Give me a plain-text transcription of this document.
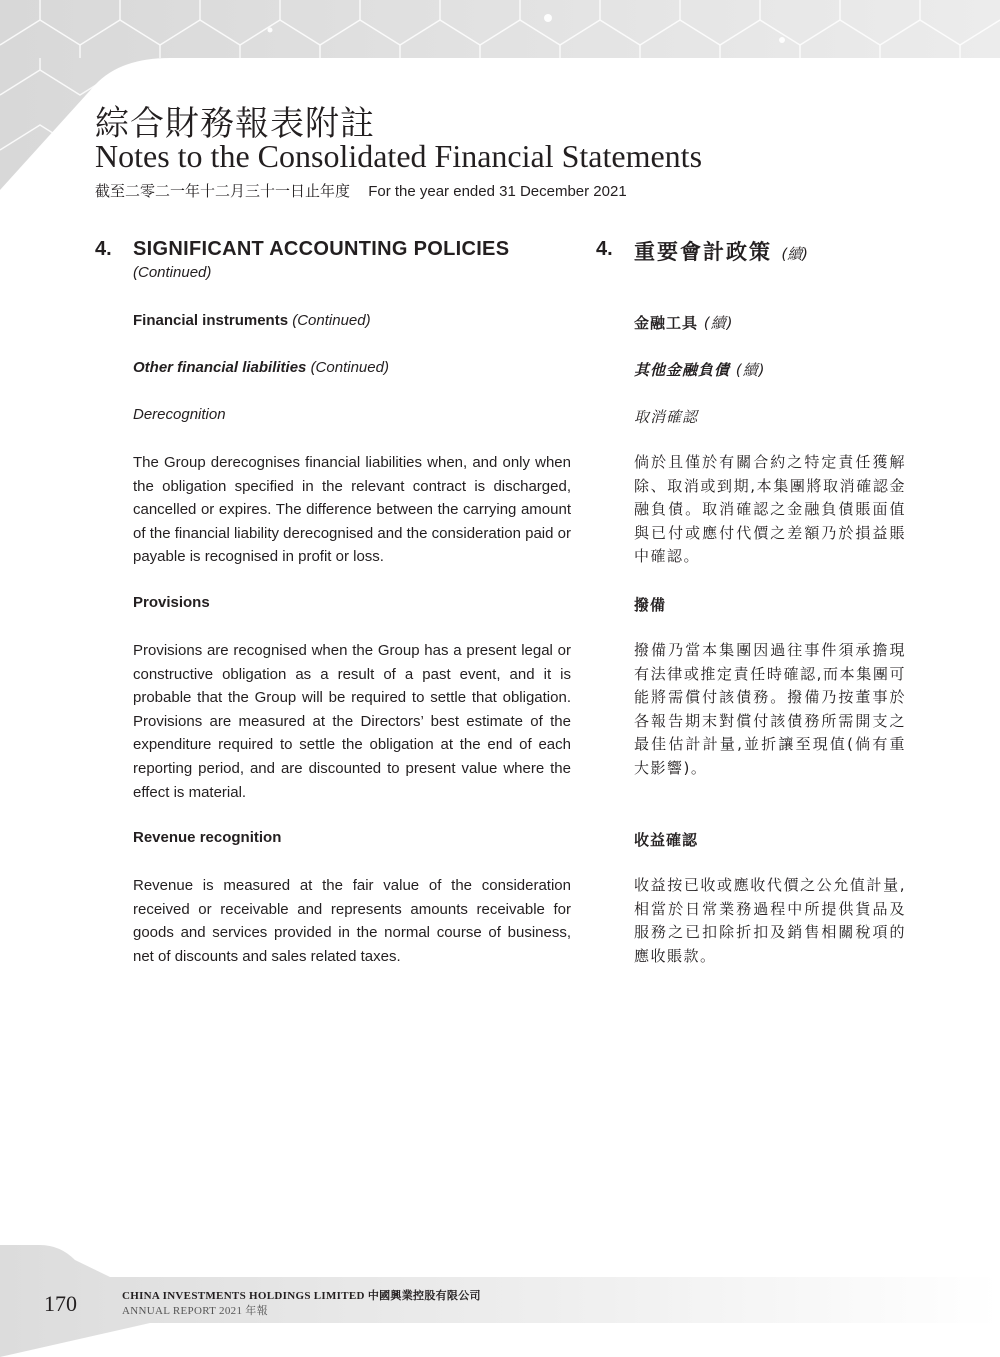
綜合財務報表附註
Notes to the Consolidated Financial Statements
截至二零二一年十二月三十一日止年度 For the year ended 31 December 2021
4. SIGNIFICANT ACCOUNTING POLICIES
(Continued)
Financial instruments (Continued)
Other financial liabilities (Continued)
Derecognition
The Group derecognises financial liabilities when, and only when the obligation specified in the relevant contract is discharged, cancelled or expires. The difference between the carrying amount of the financial liability derecognised and the consideration paid or payable is recognised in profit or loss.
Provisions
Provisions are recognised when the Group has a present legal or constructive obligation as a result of a past event, and it is probable that the Group will be required to settle that obligation. Provisions are measured at the Directors’ best estimate of the expenditure required to settle the obligation at the end of each reporting period, and are discounted to present value where the effect is material.
Revenue recognition
Revenue is measured at the fair value of the consideration received or receivable and represents amounts receivable for goods and services provided in the normal course of business, net of discounts and sales related taxes.
4. 重要會計政策 (續)
金融工具 (續)
其他金融負債 (續)
取消確認
倘於且僅於有關合約之特定責任獲解除、取消或到期,本集團將取消確認金融負債。取消確認之金融負債賬面值與已付或應付代價之差額乃於損益賬中確認。
撥備
撥備乃當本集團因過往事件須承擔現有法律或推定責任時確認,而本集團可能將需償付該債務。撥備乃按董事於各報告期末對償付該債務所需開支之最佳估計計量,並折讓至現值(倘有重大影響)。
收益確認
收益按已收或應收代價之公允值計量,相當於日常業務過程中所提供貨品及服務之已扣除折扣及銷售相關稅項的應收賬款。
170	CHINA INVESTMENTS HOLDINGS LIMITED 中國興業控股有限公司
ANNUAL REPORT 2021 年報
